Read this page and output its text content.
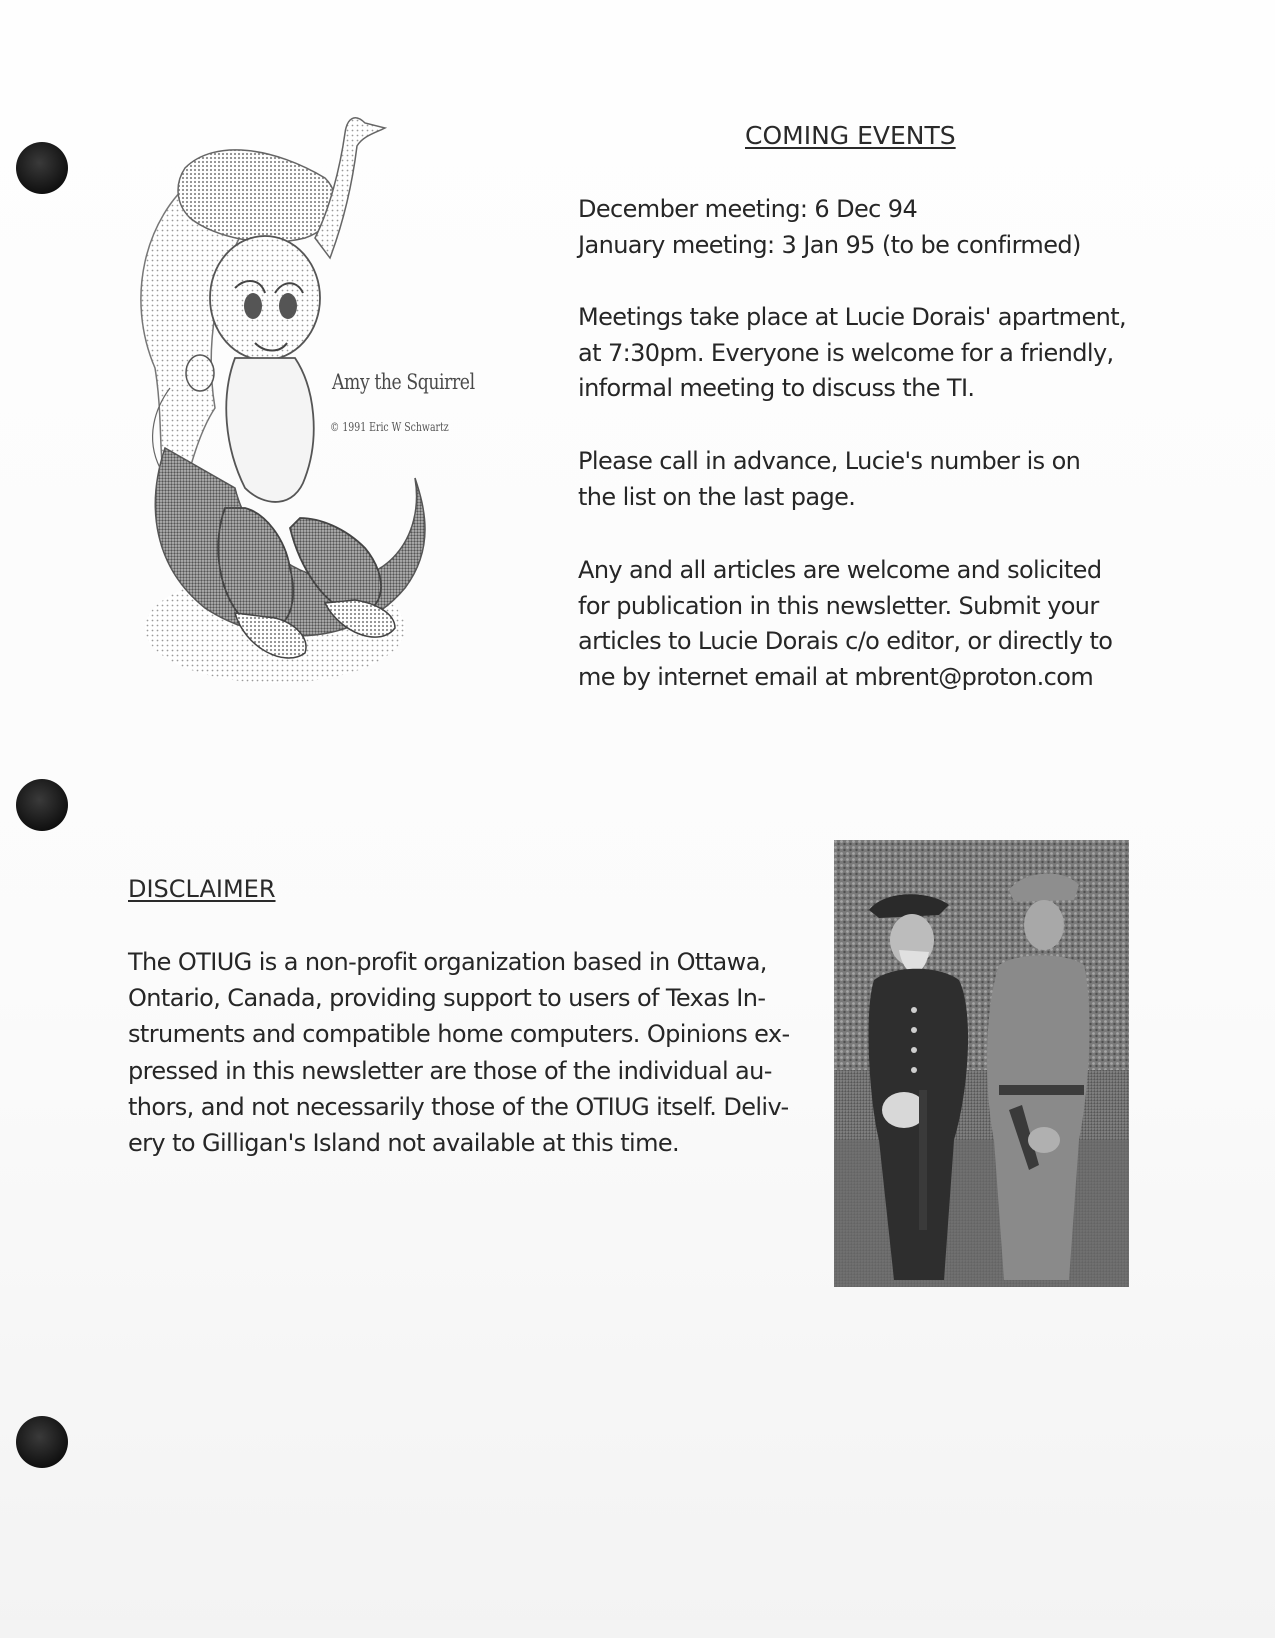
Amy the Squirrel
© 1991 Eric W Schwartz
COMING EVENTS
December meeting: 6 Dec 94
January meeting: 3 Jan 95 (to be confirmed)
Meetings take place at Lucie Dorais' apartment,
at 7:30pm. Everyone is welcome for a friendly,
informal meeting to discuss the TI.
Please call in advance, Lucie's number is on
the list on the last page.
Any and all articles are welcome and solicited
for publication in this newsletter. Submit your
articles to Lucie Dorais c/o editor, or directly to
me by internet email at mbrent@proton.com
DISCLAIMER
The OTIUG is a non-profit organization based in Ottawa,
Ontario, Canada, providing support to users of Texas In-
struments and compatible home computers. Opinions ex-
pressed in this newsletter are those of the individual au-
thors, and not necessarily those of the OTIUG itself. Deliv-
ery to Gilligan's Island not available at this time.
